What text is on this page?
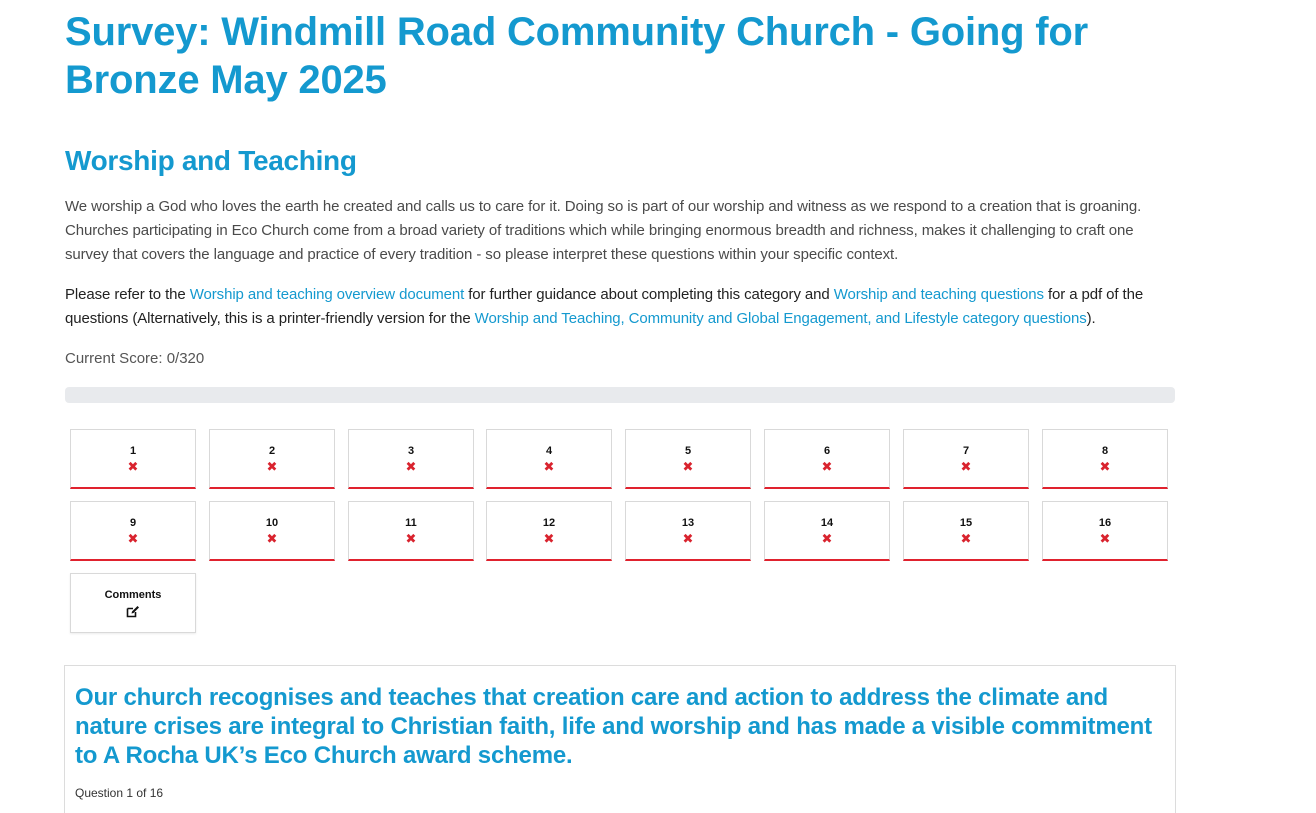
Survey: Windmill Road Community Church - Going for Bronze May 2025
Worship and Teaching

We worship a God who loves the earth he created and calls us to care for it. Doing so is part of our worship and witness as we respond to a creation that is groaning. Churches participating in Eco Church come from a broad variety of traditions which while bringing enormous breadth and richness, makes it challenging to craft one survey that covers the language and practice of every tradition - so please interpret these questions within your specific context.

Please refer to the Worship and teaching overview document for further guidance about completing this category and Worship and teaching questions for a pdf of the questions (Alternatively, this is a printer-friendly version for the Worship and Teaching, Community and Global Engagement, and Lifestyle category questions).

Current Score: 0/320

Comments
1
✖
2
✖
3
✖
4
✖
5
✖
6
✖
7
✖
8
✖
9
✖
10
✖
11
✖
12
✖
13
✖
14
✖
15
✖
16
✖
Our church recognises and teaches that creation care and action to address the climate and nature crises are integral to Christian faith, life and worship and has made a visible commitment to A Rocha UK’s Eco Church award scheme.
Question 1 of 16
